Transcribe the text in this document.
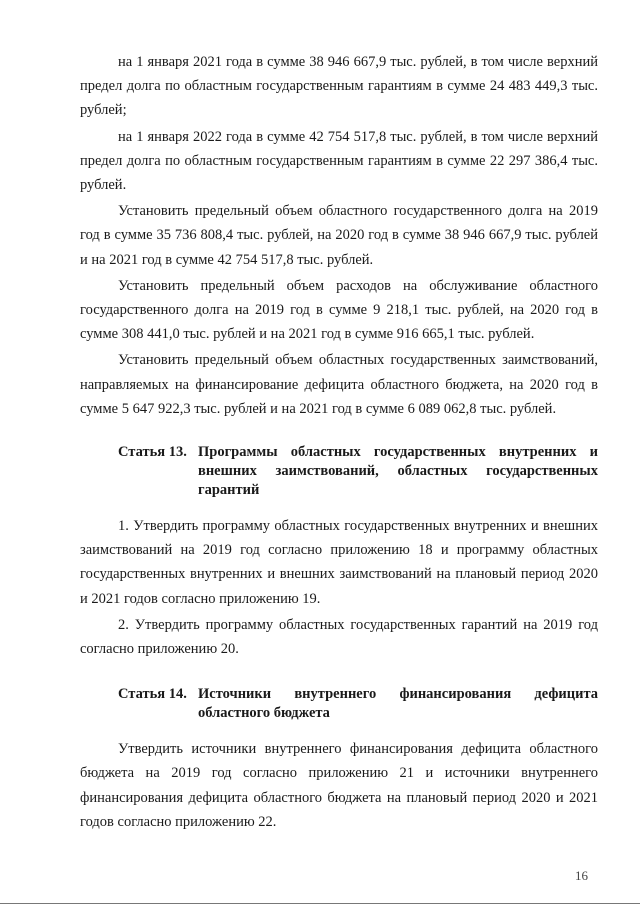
на 1 января 2021 года в сумме 38 946 667,9 тыс. рублей, в том числе верхний предел долга по областным государственным гарантиям в сумме 24 483 449,3 тыс. рублей;

на 1 января 2022 года в сумме 42 754 517,8 тыс. рублей, в том числе верхний предел долга по областным государственным гарантиям в сумме 22 297 386,4 тыс. рублей.

Установить предельный объем областного государственного долга на 2019 год в сумме 35 736 808,4 тыс. рублей, на 2020 год в сумме 38 946 667,9 тыс. рублей и на 2021 год в сумме 42 754 517,8 тыс. рублей.

Установить предельный объем расходов на обслуживание областного государственного долга на 2019 год в сумме 9 218,1 тыс. рублей, на 2020 год в сумме 308 441,0 тыс. рублей и на 2021 год в сумме 916 665,1 тыс. рублей.

Установить предельный объем областных государственных заимствований, направляемых на финансирование дефицита областного бюджета, на 2020 год в сумме 5 647 922,3 тыс. рублей и на 2021 год в сумме 6 089 062,8 тыс. рублей.

Статья 13. Программы областных государственных внутренних и внешних заимствований, областных государственных гарантий

1. Утвердить программу областных государственных внутренних и внешних заимствований на 2019 год согласно приложению 18 и программу областных государственных внутренних и внешних заимствований на плановый период 2020 и 2021 годов согласно приложению 19.

2. Утвердить программу областных государственных гарантий на 2019 год согласно приложению 20.

Статья 14. Источники внутреннего финансирования дефицита областного бюджета

Утвердить источники внутреннего финансирования дефицита областного бюджета на 2019 год согласно приложению 21 и источники внутреннего финансирования дефицита областного бюджета на плановый период 2020 и 2021 годов согласно приложению 22.

16
